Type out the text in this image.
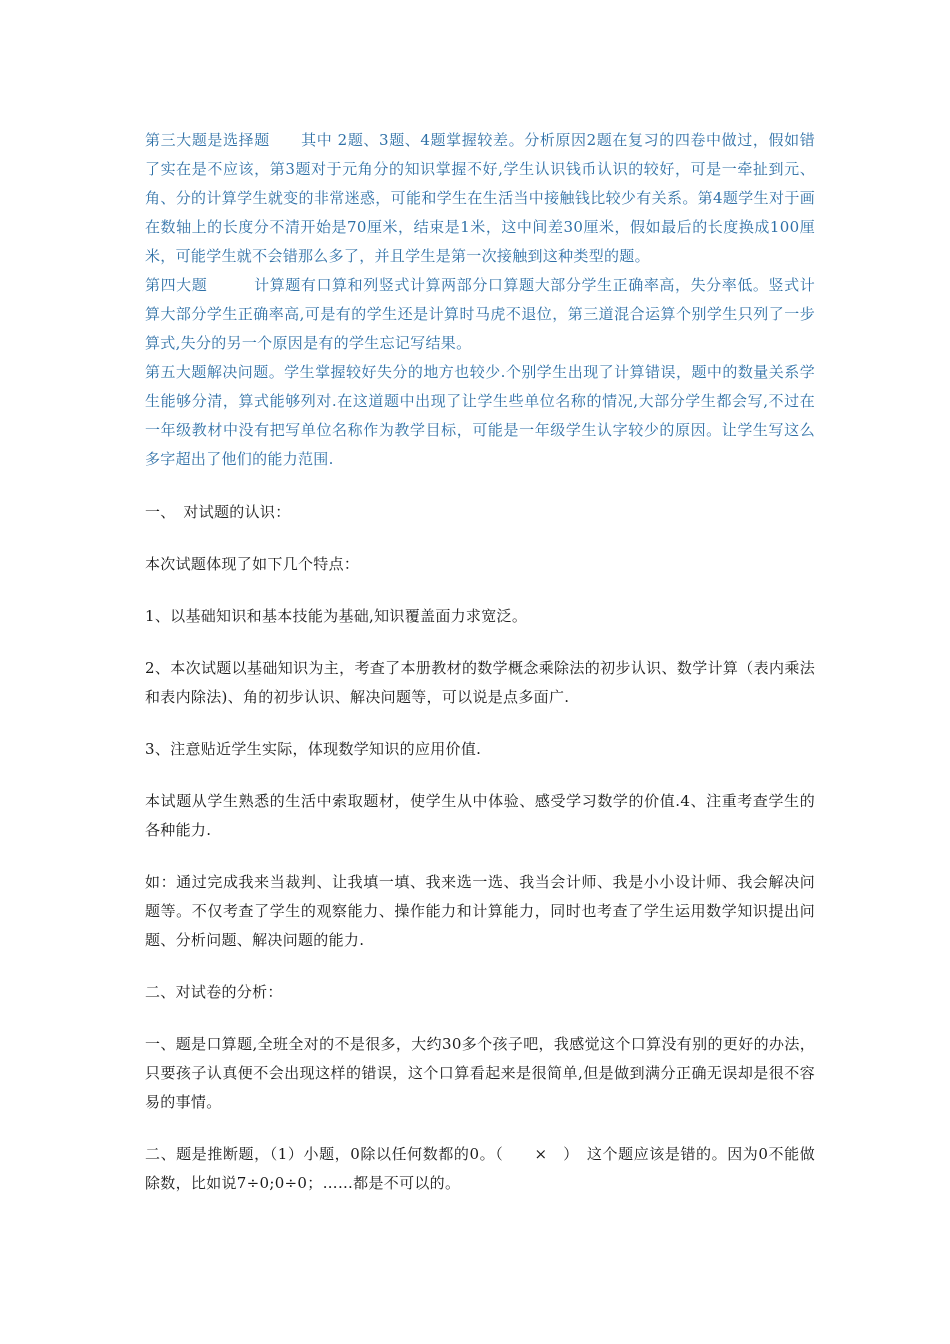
第三大题是选择题　　其中 2题、3题、4题掌握较差。分析原因2题在复习的四卷中做过，假如错了实在是不应该，第3题对于元角分的知识掌握不好,学生认识钱币认识的较好，可是一牵扯到元、角、分的计算学生就变的非常迷惑，可能和学生在生活当中接触钱比较少有关系。第4题学生对于画在数轴上的长度分不清开始是70厘米，结束是1米，这中间差30厘米，假如最后的长度换成100厘米，可能学生就不会错那么多了，并且学生是第一次接触到这种类型的题。

第四大题　　　计算题有口算和列竖式计算两部分口算题大部分学生正确率高，失分率低。竖式计算大部分学生正确率高,可是有的学生还是计算时马虎不退位，第三道混合运算个别学生只列了一步算式,失分的另一个原因是有的学生忘记写结果。

第五大题解决问题。学生掌握较好失分的地方也较少.个别学生出现了计算错误，题中的数量关系学生能够分清，算式能够列对.在这道题中出现了让学生些单位名称的情况,大部分学生都会写,不过在一年级教材中没有把写单位名称作为教学目标，可能是一年级学生认字较少的原因。让学生写这么多字超出了他们的能力范围.

一、　对试题的认识：

本次试题体现了如下几个特点：

1、以基础知识和基本技能为基础,知识覆盖面力求宽泛。

2、本次试题以基础知识为主，考查了本册教材的数学概念乘除法的初步认识、数学计算（表内乘法和表内除法)、角的初步认识、解决问题等，可以说是点多面广.

3、注意贴近学生实际，体现数学知识的应用价值.

本试题从学生熟悉的生活中索取题材，使学生从中体验、感受学习数学的价值.4、注重考查学生的各种能力.

如：通过完成我来当裁判、让我填一填、我来选一选、我当会计师、我是小小设计师、我会解决问题等。不仅考查了学生的观察能力、操作能力和计算能力，同时也考查了学生运用数学知识提出问题、分析问题、解决问题的能力.

二、对试卷的分析：

一、题是口算题,全班全对的不是很多，大约30多个孩子吧，我感觉这个口算没有别的更好的办法，只要孩子认真便不会出现这样的错误，这个口算看起来是很简单,但是做到满分正确无误却是很不容易的事情。

二、题是推断题，（1）小题，0除以任何数都的0。（　　×　）　这个题应该是错的。因为0不能做除数，比如说7÷0;0÷0；……都是不可以的。
